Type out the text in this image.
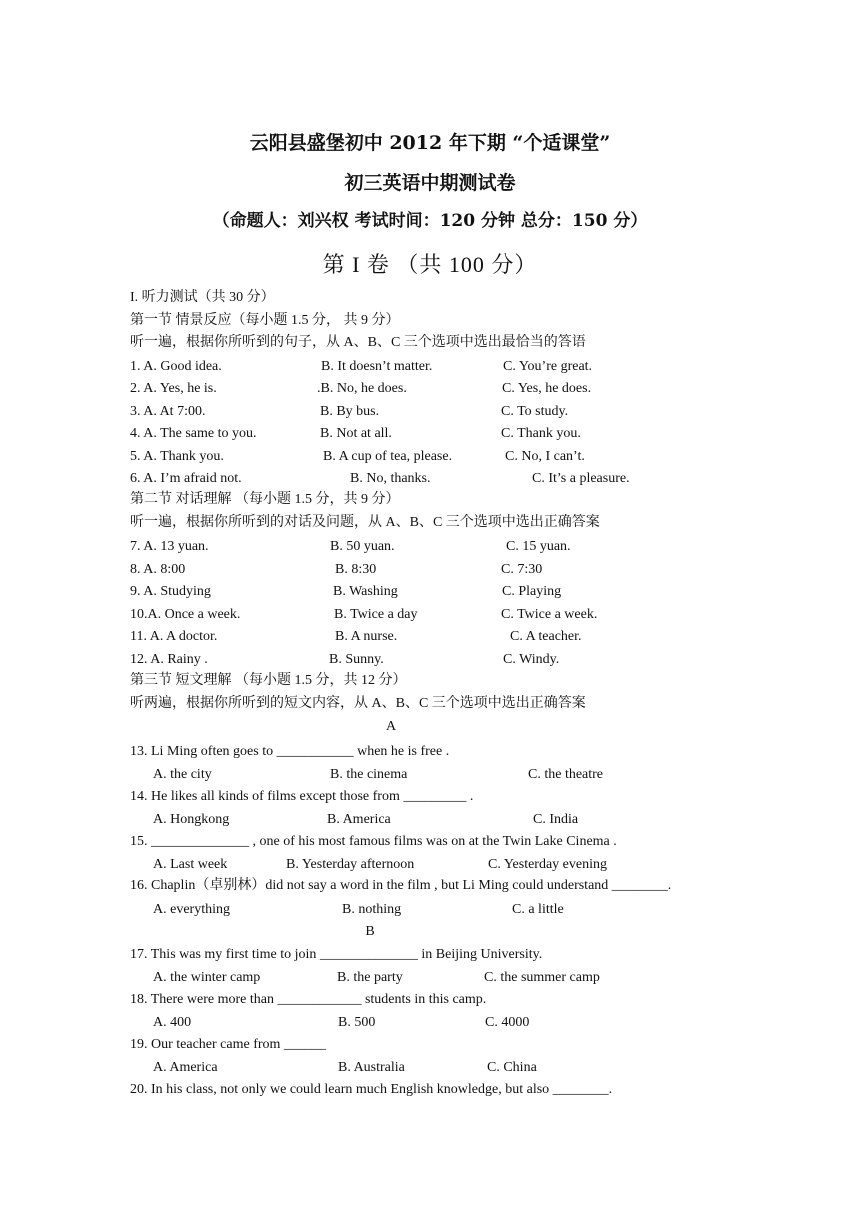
云阳县盛堡初中 2012 年下期 “个适课堂”
初三英语中期测试卷
（命题人：刘兴权 考试时间：120 分钟 总分：150 分）
第 I 卷 （共 100 分）
I. 听力测试（共 30 分）
第一节 情景反应（每小题 1.5 分， 共 9 分）
听一遍，根据你所听到的句子，从 A、B、C 三个选项中选出最恰当的答语
1. A. Good idea.	B. It doesn’t matter.	C. You’re great.
2. A. Yes, he is.	.B. No, he does.	C. Yes, he does.
3. A. At 7:00.	B. By bus.	C. To study.
4. A. The same to you.	B. Not at all.	C. Thank you.
5. A. Thank you.	B. A cup of tea, please.	C. No, I can’t.
6. A. I’m afraid not.	B. No, thanks.	C. It’s a pleasure.
第二节 对话理解 （每小题 1.5 分，共 9 分）
听一遍，根据你所听到的对话及问题，从 A、B、C 三个选项中选出正确答案
7. A. 13 yuan.	B. 50 yuan.	C. 15 yuan.
8. A. 8:00	B. 8:30	C. 7:30
9. A. Studying	B. Washing	C. Playing
10.A. Once a week.	B. Twice a day	C. Twice a week.
11. A. A doctor.	B. A nurse.	C. A teacher.
12. A. Rainy .	B. Sunny.	C. Windy.
第三节 短文理解 （每小题 1.5 分，共 12 分）
听两遍，根据你所听到的短文内容，从 A、B、C 三个选项中选出正确答案
A
13. Li Ming often goes to ___________ when he is free .
A. the city	B. the cinema	C. the theatre
14. He likes all kinds of films except those from _________ .
A. Hongkong	B. America	C. India
15. ______________ , one of his most famous films was on at the Twin Lake Cinema .
A. Last week	B. Yesterday afternoon	C. Yesterday evening
16. Chaplin（卓别林）did not say a word in the film , but Li Ming could understand ________.
A. everything	B. nothing	C. a little
B
17. This was my first time to join ______________ in Beijing University.
A. the winter camp	B. the party	C. the summer camp
18. There were more than ____________ students in this camp.
A. 400	B. 500	C. 4000
19. Our teacher came from ______
A. America	B. Australia	C. China
20. In his class, not only we could learn much English knowledge, but also ________.
